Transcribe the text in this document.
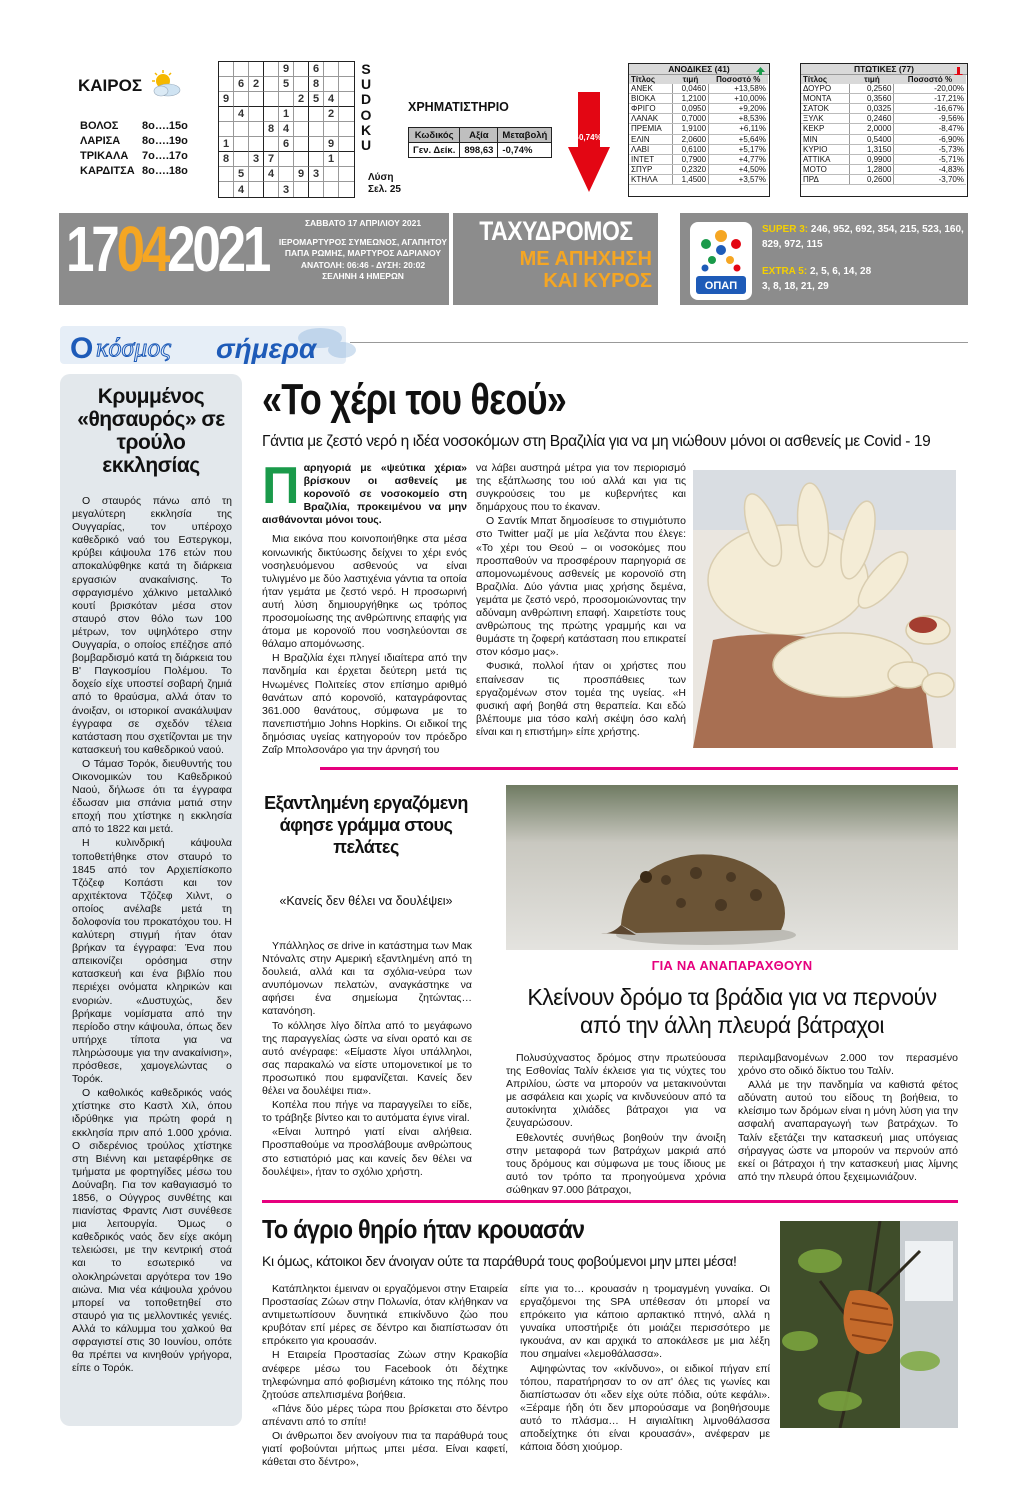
ΚΑΙΡΟΣ
ΒΟΛΟΣ 8ο….15ο
ΛΑΡΙΣΑ 8ο….19ο
ΤΡΙΚΑΛΑ 7ο….17ο
ΚΑΡΔΙΤΣΑ 8ο….18ο
9	6
6 2	5	8
9	2 5 4
4	1	2
8 4
1	6	9
8	3 7	1
5	4	9 3
4	3
S
U
D
O
K
U
Λύση
Σελ. 25
ΧΡΗΜΑΤΙΣΤΗΡΙΟ
Κωδικός	Αξία	Μεταβολή
Γεν. Δείκ.	898,63	-0,74%
-0,74%
ΑΝΟΔΙΚΕΣ (41)
Τίτλος	τιμή	Ποσοστό %
ΑΝΕΚ	0,0460	+13,58%
ΒΙΟΚΑ	1,2100	+10,00%
ΦΡΙΓΟ	0,0950	+9,20%
ΛΑΝΑΚ	0,7000	+8,53%
ΠΡΕΜΙΑ	1,9100	+6,11%
ΕΛΙΝ	2,0600	+5,64%
ΛΑΒΙ	0,6100	+5,17%
ΙΝΤΕΤ	0,7900	+4,77%
ΣΠΥΡ	0,2320	+4,50%
ΚΤΗΛΑ	1,4500	+3,57%
ΠΤΩΤΙΚΕΣ (77)
Τίτλος	τιμή	Ποσοστό %
ΔΟΥΡΟ	0,2560	-20,00%
ΜΟΝΤΑ	0,3560	-17,21%
ΣΑΤΟΚ	0,0325	-16,67%
ΞΥΛΚ	0,2460	-9,56%
ΚΕΚΡ	2,0000	-8,47%
ΜΙΝ	0,5400	-6,90%
ΚΥΡΙΟ	1,3150	-5,73%
ΑΤΤΙΚΑ	0,9900	-5,71%
ΜΟΤΟ	1,2800	-4,83%
ΠΡΔ	0,2600	-3,70%
17042021	ΣΑΒΒΑΤΟ 17 ΑΠΡΙΛΙΟΥ 2021
ΙΕΡΟΜΑΡΤΥΡΟΣ ΣΥΜΕΩΝΟΣ, ΑΓΑΠΗΤΟΥ ΠΑΠΑ ΡΩΜΗΣ, ΜΑΡΤΥΡΟΣ ΑΔΡΙΑΝΟΥ
ΑΝΑΤΟΛΗ: 06:46 - ΔΥΣΗ: 20:02
ΣΕΛΗΝΗ 4 ΗΜΕΡΩΝ
ΤΑΧΥΔΡΟΜΟΣ
ΜΕ ΑΠΗΧΗΣΗ
ΚΑΙ ΚΥΡΟΣ	ΟΠΑΠ
SUPER 3: 246, 952, 692, 354, 215, 523, 160, 829, 972, 115
EXTRA 5: 2, 5, 6, 14, 28
3, 8, 18, 21, 29
Ο κόσμος σήμερα
Κρυμμένος «θησαυρός» σε τρούλο εκκλησίας

Ο σταυρός πάνω από τη μεγαλύτερη εκκλησία της Ουγγαρίας, τον υπέροχο καθεδρικό ναό του Εστεργκομ, κρύβει κάψουλα 176 ετών που αποκαλύφθηκε κατά τη διάρκεια εργασιών ανακαίνισης. Το σφραγισμένο χάλκινο μεταλλικό κουτί βρισκόταν μέσα στον σταυρό στον θόλο των 100 μέτρων, τον υψηλότερο στην Ουγγαρία, ο οποίος επέζησε από βομβαρδισμό κατά τη διάρκεια του Β' Παγκοσμίου Πολέμου. Το δοχείο είχε υποστεί σοβαρή ζημιά από το θραύσμα, αλλά όταν το άνοιξαν, οι ιστορικοί ανακάλυψαν έγγραφα σε σχεδόν τέλεια κατάσταση που σχετίζονται με την κατασκευή του καθεδρικού ναού.

Ο Τάμασ Τορόκ, διευθυντής του Οικονομικών του Καθεδρικού Ναού, δήλωσε ότι τα έγγραφα έδωσαν μια σπάνια ματιά στην εποχή που χτίστηκε η εκκλησία από το 1822 και μετά.

Η κυλινδρική κάψουλα τοποθετήθηκε στον σταυρό το 1845 από τον Αρχιεπίσκοπο Τζόζεφ Κοπάστι και τον αρχιτέκτονα Τζόζεφ Χιλντ, ο οποίος ανέλαβε μετά τη δολοφονία του προκατόχου του. Η καλύτερη στιγμή ήταν όταν βρήκαν τα έγγραφα: Ένα που απεικονίζει ορόσημα στην κατασκευή και ένα βιβλίο που περιέχει ονόματα κληρικών και ενοριών. «Δυστυχώς, δεν βρήκαμε νομίσματα από την περίοδο στην κάψουλα, όπως δεν υπήρχε τίποτα για να πληρώσουμε για την ανακαίνιση», πρόσθεσε, χαμογελώντας ο Τορόκ.

Ο καθολικός καθεδρικός ναός χτίστηκε στο Καστλ Χιλ, όπου ιδρύθηκε για πρώτη φορά η εκκλησία πριν από 1.000 χρόνια. Ο σιδερένιος τρούλος χτίστηκε στη Βιέννη και μεταφέρθηκε σε τμήματα με φορτηγίδες μέσω του Δούναβη. Για τον καθαγιασμό το 1856, ο Ούγγρος συνθέτης και πιανίστας Φραντς Λιστ συνέθεσε μια λειτουργία. Όμως ο καθεδρικός ναός δεν είχε ακόμη τελειώσει, με την κεντρική στοά και το εσωτερικό να ολοκληρώνεται αργότερα τον 19ο αιώνα. Μια νέα κάψουλα χρόνου μπορεί να τοποθετηθεί στο σταυρό για τις μελλοντικές γενιές. Αλλά το κάλυμμα του χαλκού θα σφραγιστεί στις 30 Ιουνίου, οπότε θα πρέπει να κινηθούν γρήγορα, είπε ο Τορόκ.

«Το χέρι του θεού»
Γάντια με ζεστό νερό η ιδέα νοσοκόμων στη Βραζιλία για να μη νιώθουν μόνοι οι ασθενείς με Covid - 19
Παρηγοριά με «ψεύτικα χέρια» βρίσκουν οι ασθενείς με κορονοϊό σε νοσοκομείο στη Βραζιλία, προκειμένου να μην αισθάνονται μόνοι τους.

Μια εικόνα που κοινοποιήθηκε στα μέσα κοινωνικής δικτύωσης δείχνει το χέρι ενός νοσηλευόμενου ασθενούς να είναι τυλιγμένο με δύο λαστιχένια γάντια τα οποία ήταν γεμάτα με ζεστό νερό. Η προσωρινή αυτή λύση δημιουργήθηκε ως τρόπος προσομοίωσης της ανθρώπινης επαφής για άτομα με κορονοϊό που νοσηλεύονται σε θάλαμο απομόνωσης.

Η Βραζιλία έχει πληγεί ιδιαίτερα από την πανδημία και έρχεται δεύτερη μετά τις Ηνωμένες Πολιτείες στον επίσημο αριθμό θανάτων από κορονοϊό, καταγράφοντας 361.000 θανάτους, σύμφωνα με το πανεπιστήμιο Johns Hopkins. Οι ειδικοί της δημόσιας υγείας κατηγορούν τον πρόεδρο Ζαΐρ Μπολσονάρο για την άρνησή του

να λάβει αυστηρά μέτρα για τον περιορισμό της εξάπλωσης του ιού αλλά και για τις συγκρούσεις του με κυβερνήτες και δημάρχους που το έκαναν.

Ο Σαντίκ Μπατ δημοσίευσε το στιγμιότυπο στο Twitter μαζί με μία λεζάντα που έλεγε: «Το χέρι του Θεού – οι νοσοκόμες που προσπαθούν να προσφέρουν παρηγοριά σε απομονωμένους ασθενείς με κορονοϊό στη Βραζιλία. Δύο γάντια μιας χρήσης δεμένα, γεμάτα με ζεστό νερό, προσομοιώνοντας την αδύναμη ανθρώπινη επαφή. Χαιρετίστε τους ανθρώπους της πρώτης γραμμής και να θυμάστε τη ζοφερή κατάσταση που επικρατεί στον κόσμο μας».

Φυσικά, πολλοί ήταν οι χρήστες που επαίνεσαν τις προσπάθειες των εργαζομένων στον τομέα της υγείας. «Η φυσική αφή βοηθά στη θεραπεία. Και εδώ βλέπουμε μια τόσο καλή σκέψη όσο καλή είναι και η επιστήμη» είπε χρήστης.

Εξαντλημένη εργαζόμενη άφησε γράμμα στους πελάτες
«Κανείς δεν θέλει να δουλέψει»

Υπάλληλος σε drive in κατάστημα των Μακ Ντόναλτς στην Αμερική εξαντλημένη από τη δουλειά, αλλά και τα σχόλια-νεύρα των ανυπόμονων πελατών, αναγκάστηκε να αφήσει ένα σημείωμα ζητώντας… κατανόηση.

Το κόλλησε λίγο δίπλα από το μεγάφωνο της παραγγελίας ώστε να είναι ορατό και σε αυτό ανέγραφε: «Είμαστε λίγοι υπάλληλοι, σας παρακαλώ να είστε υπομονετικοί με το προσωπικό που εμφανίζεται. Κανείς δεν θέλει να δουλέψει πια».

Κοπέλα που πήγε να παραγγείλει το είδε, το τράβηξε βίντεο και το αυτόματα έγινε viral.

«Είναι λυπηρό γιατί είναι αλήθεια. Προσπαθούμε να προσλάβουμε ανθρώπους στο εστιατόριό μας και κανείς δεν θέλει να δουλέψει», ήταν το σχόλιο χρήστη.

ΓΙΑ ΝΑ ΑΝΑΠΑΡΑΧΘΟΥΝ
Κλείνουν δρόμο τα βράδια για να περνούν από την άλλη πλευρά βάτραχοι

Πολυσύχναστος δρόμος στην πρωτεύουσα της Εσθονίας Ταλίν έκλεισε για τις νύχτες του Απριλίου, ώστε να μπορούν να μετακινούνται με ασφάλεια και χωρίς να κινδυνεύουν από τα αυτοκίνητα χιλιάδες βάτραχοι για να ζευγαρώσουν.

Εθελοντές συνήθως βοηθούν την άνοιξη στην μεταφορά των βατράχων μακριά από τους δρόμους και σύμφωνα με τους ίδιους με αυτό τον τρόπο τα προηγούμενα χρόνια σώθηκαν 97.000 βάτραχοι,

περιλαμβανομένων 2.000 τον περασμένο χρόνο στο οδικό δίκτυο του Ταλίν.

Αλλά με την πανδημία να καθιστά φέτος αδύνατη αυτού του είδους τη βοήθεια, το κλείσιμο των δρόμων είναι η μόνη λύση για την ασφαλή αναπαραγωγή των βατράχων. Το Ταλίν εξετάζει την κατασκευή μιας υπόγειας σήραγγας ώστε να μπορούν να περνούν από εκεί οι βάτραχοι ή την κατασκευή μιας λίμνης από την πλευρά όπου ξεχειμωνιάζουν.

Το άγριο θηρίο ήταν κρουασάν
Κι όμως, κάτοικοι δεν άνοιγαν ούτε τα παράθυρά τους φοβούμενοι μην μπει μέσα!

Κατάπληκτοι έμειναν οι εργαζόμενοι στην Εταιρεία Προστασίας Ζώων στην Πολωνία, όταν κλήθηκαν να αντιμετωπίσουν δυνητικά επικίνδυνο ζώο που κρυβόταν επί μέρες σε δέντρο και διαπίστωσαν ότι επρόκειτο για κρουασάν.

Η Εταιρεία Προστασίας Ζώων στην Κρακοβία ανέφερε μέσω του Facebook ότι δέχτηκε τηλεφώνημα από φοβισμένη κάτοικο της πόλης που ζητούσε απελπισμένα βοήθεια.

«Πάνε δύο μέρες τώρα που βρίσκεται στο δέντρο απέναντι από το σπίτι!

Οι άνθρωποι δεν ανοίγουν πια τα παράθυρά τους γιατί φοβούνται μήπως μπει μέσα. Είναι καφετί, κάθεται στο δέντρο»,

είπε για το… κρουασάν η τρομαγμένη γυναίκα. Οι εργαζόμενοι της SPA υπέθεσαν ότι μπορεί να επρόκειτο για κάποιο αρπακτικό πτηνό, αλλά η γυναίκα υποστήριξε ότι μοιάζει περισσότερο με ιγκουάνα, αν και αρχικά το αποκάλεσε με μια λέξη που σημαίνει «λεμοθάλασσα».

Αψηφώντας τον «κίνδυνο», οι ειδικοί πήγαν επί τόπου, παρατήρησαν το ον απ' όλες τις γωνίες και διαπίστωσαν ότι «δεν είχε ούτε πόδια, ούτε κεφάλι». «Ξέραμε ήδη ότι δεν μπορούσαμε να βοηθήσουμε αυτό το πλάσμα… Η αιγιαλίτικη λιμνοθάλασσα αποδείχτηκε ότι είναι κρουασάν», ανέφεραν με κάποια δόση χιούμορ.
